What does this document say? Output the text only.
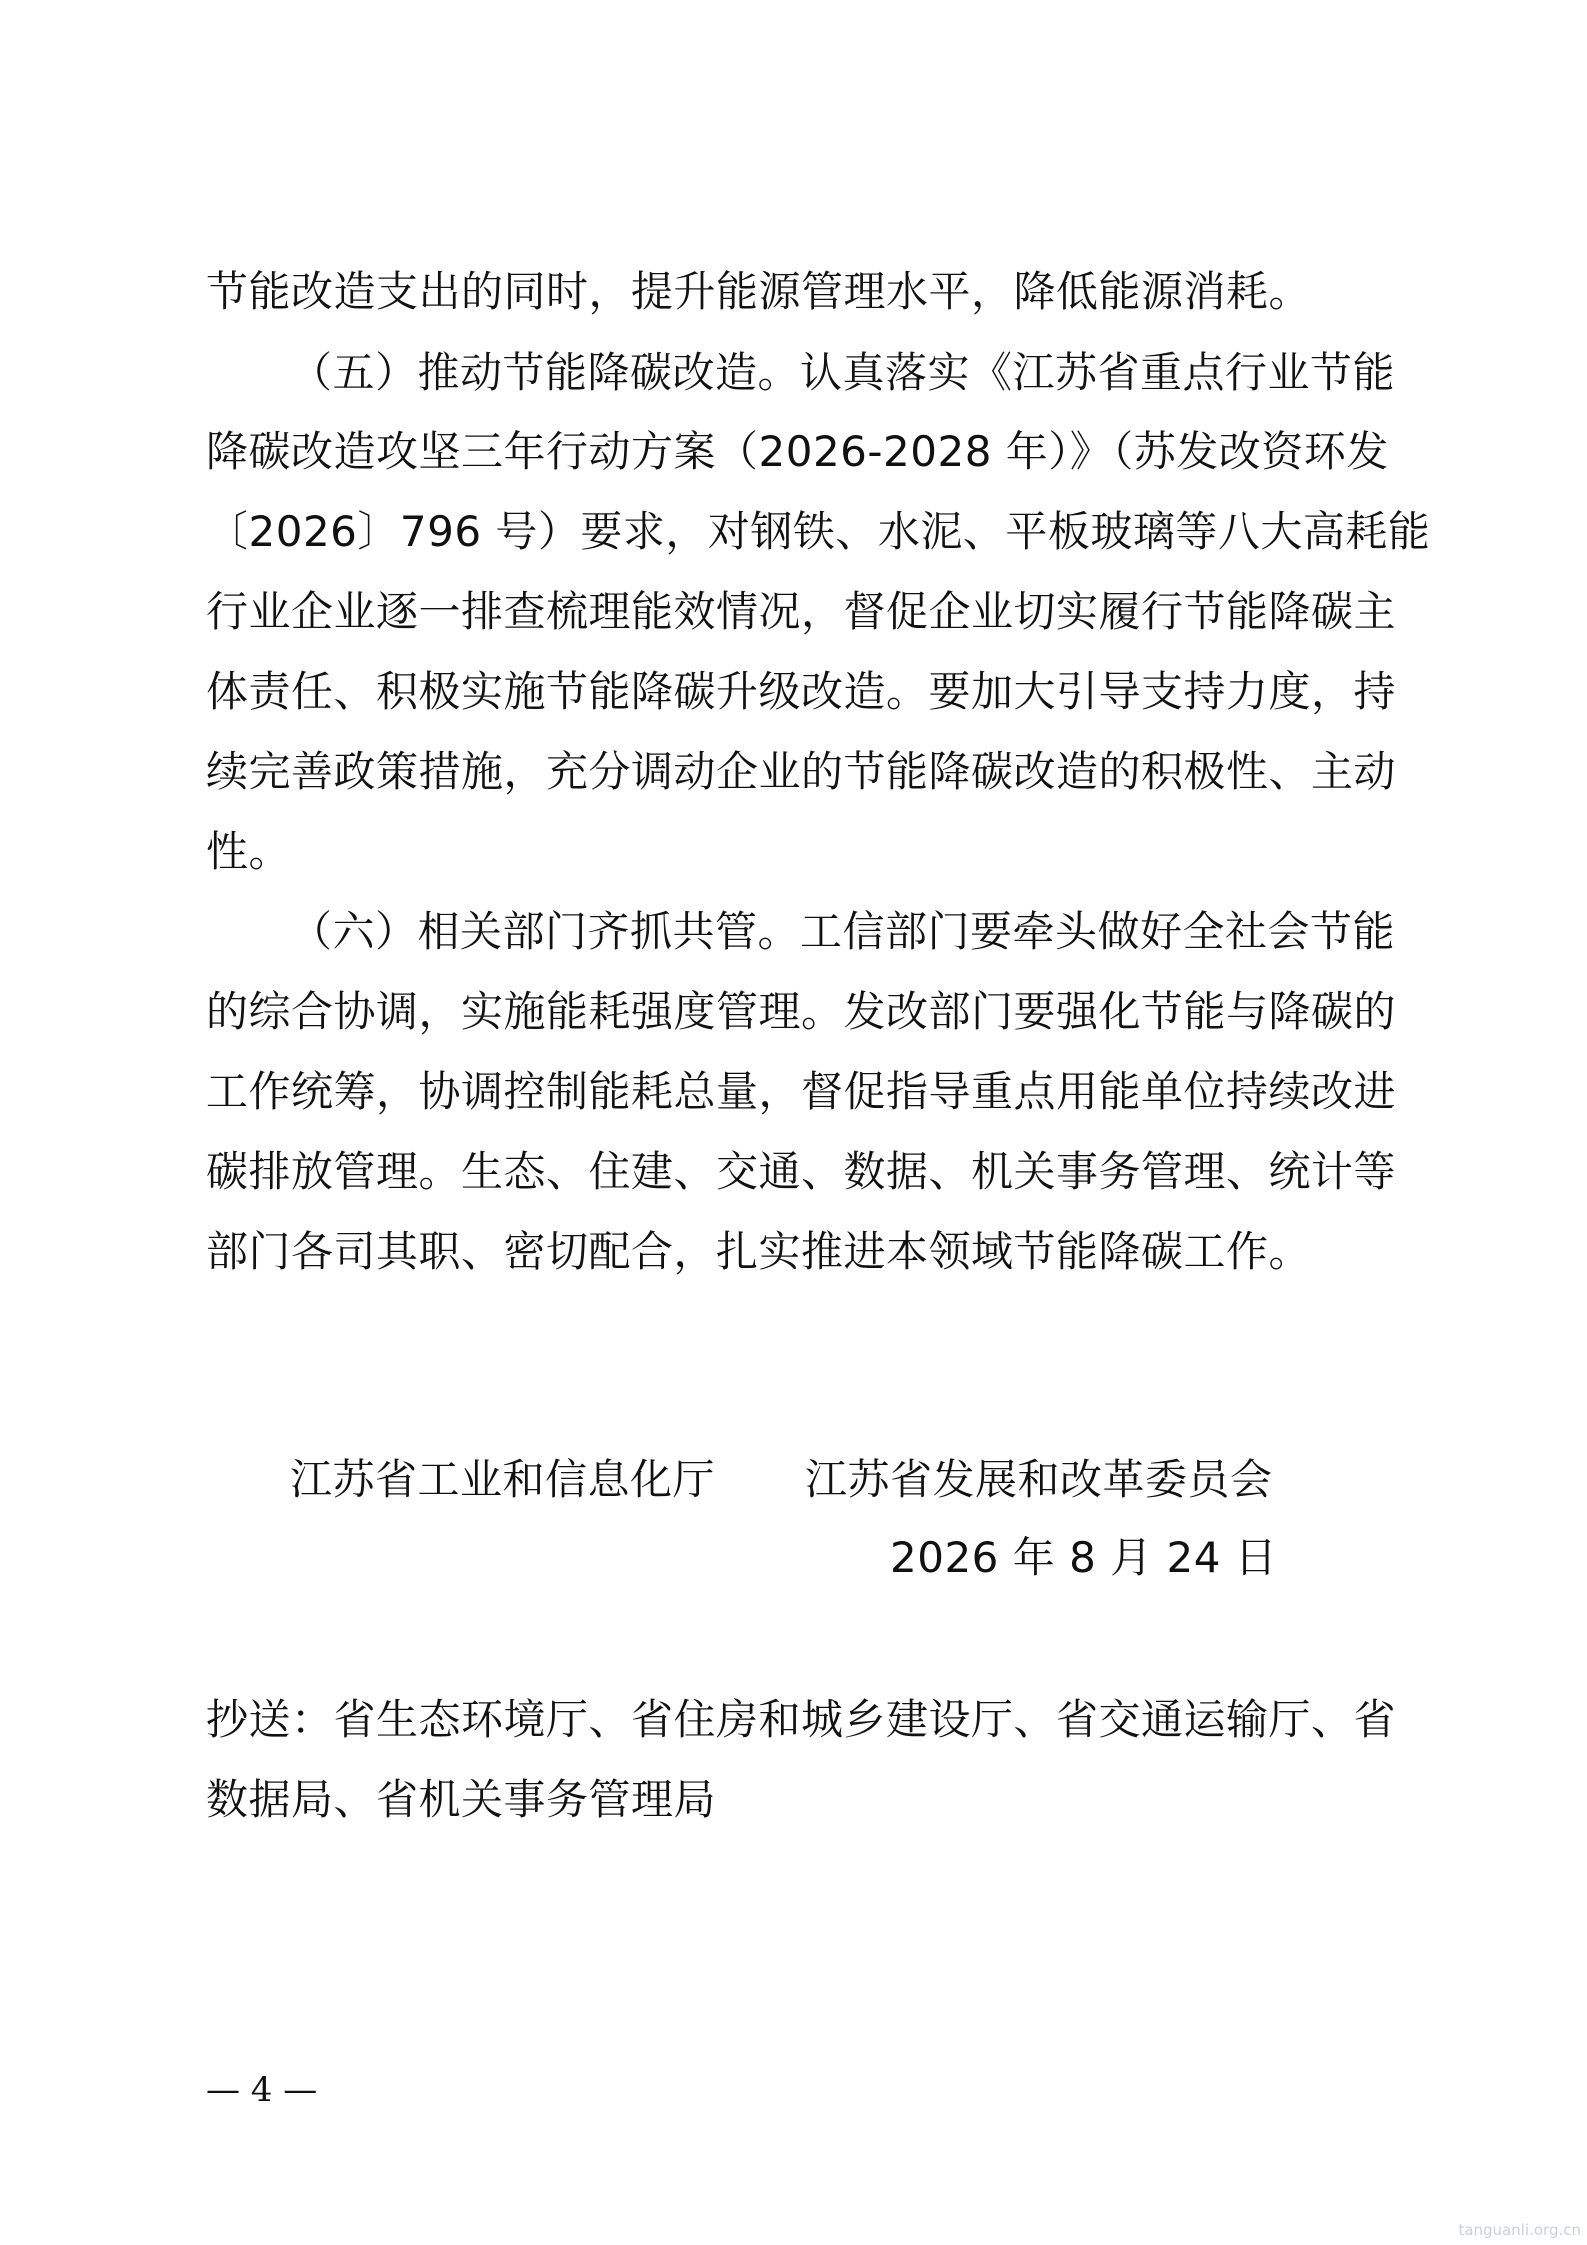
节能改造支出的同时，提升能源管理水平，降低能源消耗。
（五）推动节能降碳改造。认真落实《江苏省重点行业节能
降碳改造攻坚三年行动方案（2026-2028 年）》（苏发改资环发
〔2026〕796 号）要求，对钢铁、水泥、平板玻璃等八大高耗能
行业企业逐一排查梳理能效情况，督促企业切实履行节能降碳主
体责任、积极实施节能降碳升级改造。要加大引导支持力度，持
续完善政策措施，充分调动企业的节能降碳改造的积极性、主动
性。
（六）相关部门齐抓共管。工信部门要牵头做好全社会节能
的综合协调，实施能耗强度管理。发改部门要强化节能与降碳的
工作统筹，协调控制能耗总量，督促指导重点用能单位持续改进
碳排放管理。生态、住建、交通、数据、机关事务管理、统计等
部门各司其职、密切配合，扎实推进本领域节能降碳工作。
江苏省工业和信息化厅 江苏省发展和改革委员会
2026 年 8 月 24 日
抄送：省生态环境厅、省住房和城乡建设厅、省交通运输厅、省
数据局、省机关事务管理局
— 4 —
tanguanli.org.cn
